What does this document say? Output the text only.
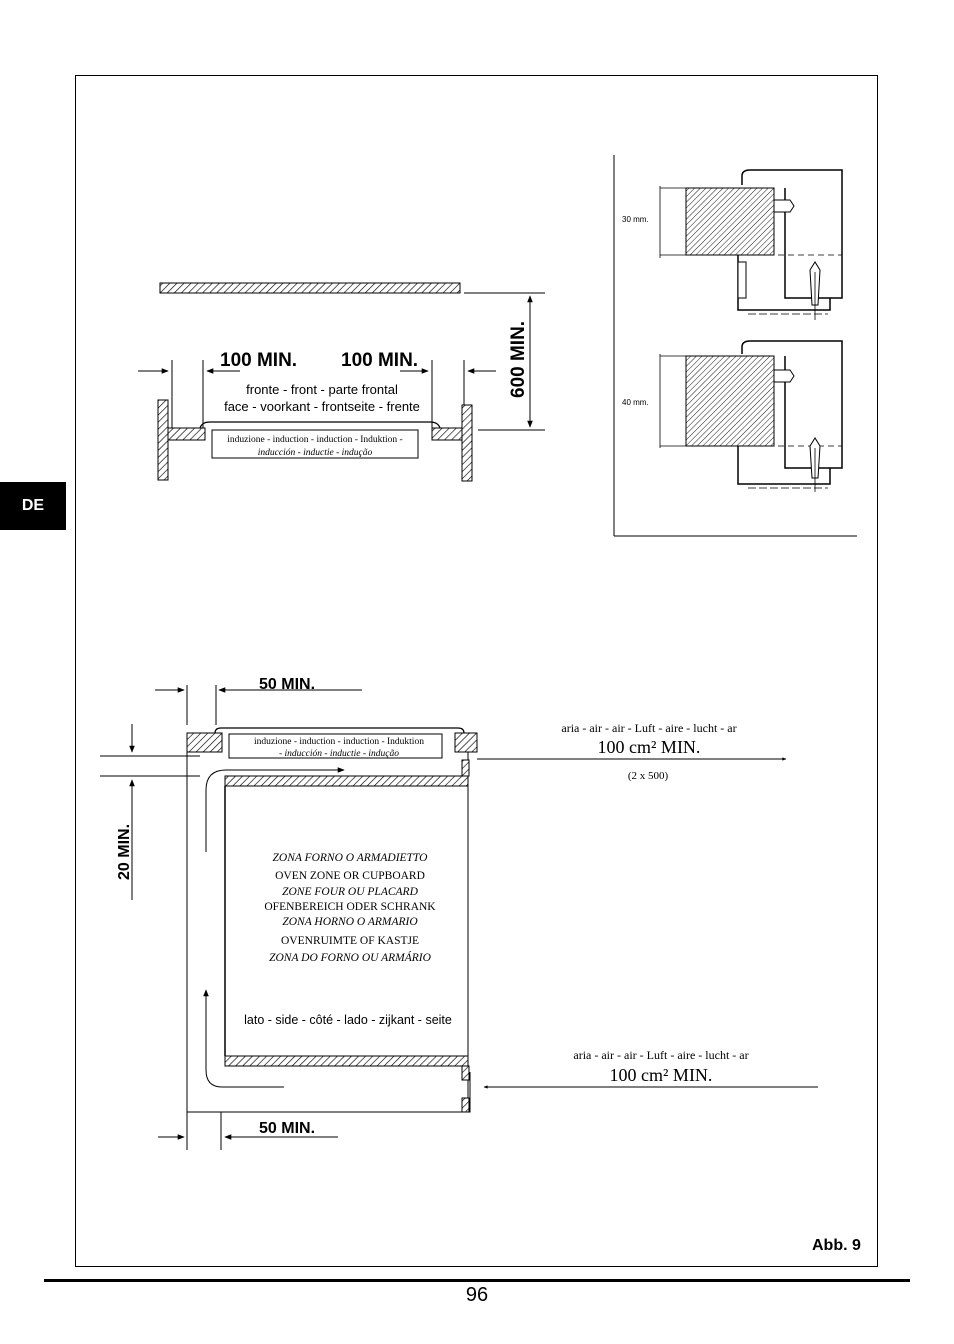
DE
600 MIN.
induzione - induction - induction - Induktion -
inducción - inductie - indução
100 MIN. 100 MIN.
fronte - front - parte frontal
face - voorkant - frontseite - frente
30 mm.
40 mm.
50 MIN.
20 MIN.
induzione - induction - induction - Induktion
- inducción - inductie - indução
ZONA FORNO O ARMADIETTO
OVEN ZONE OR CUPBOARD
ZONE FOUR OU PLACARD
OFENBEREICH ODER SCHRANK
ZONA HORNO O ARMARIO
OVENRUIMTE OF KASTJE
ZONA DO FORNO OU ARMÁRIO
lato - side - côté - lado - zijkant - seite
aria - air - air - Luft - aire - lucht - ar
100 cm² MIN.
(2 x 500)
aria - air - air - Luft - aire - lucht - ar
100 cm² MIN.
50 MIN.
Abb. 9
96
